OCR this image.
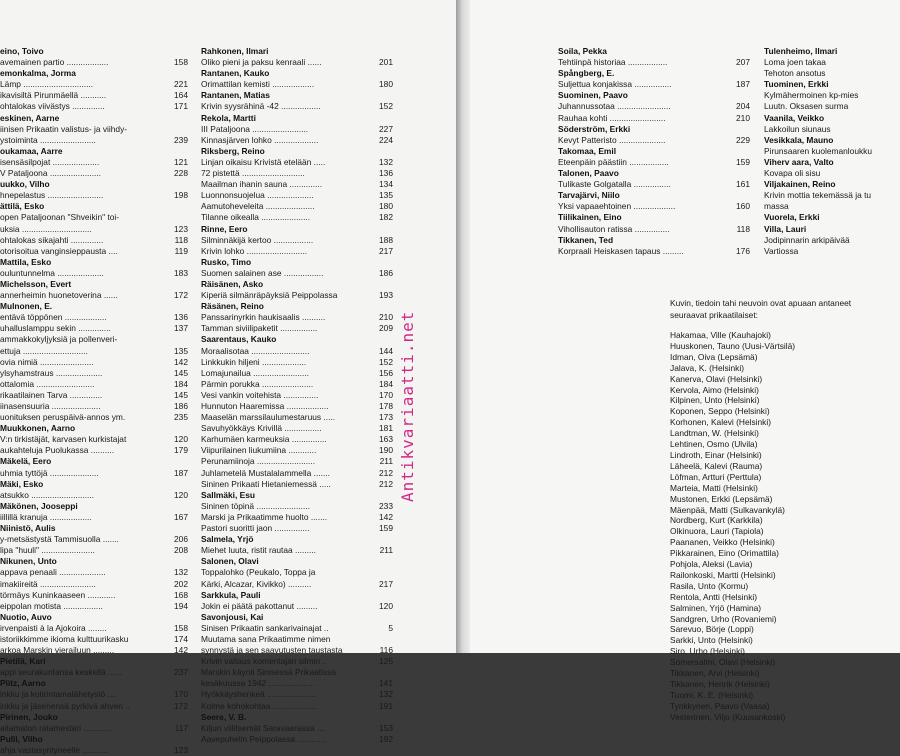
eino, Toivo
avemainen partio ..................	158
emonkalma, Jorma
Lämp ..............................	221
ikavisiltä Pirunmäellä ...........	164
ohtalokas viivästys ..............	171
eskinen, Aarne
iinisen Prikaatin valistus- ja viihdy-
ystoiminta ........................	239
oukamaa, Aarre
isensäsilpojat ....................	121
V Pataljoona ......................	228
uukko, Vilho
hnepelastus ........................	198
ättilä, Esko
open Pataljoonan "Shveikin" toi-
uksia ..............................	123
ohtalokas sikajahti ..............	118
otorisoitua vanginsieppausta ....	119
Mattila, Esko
ouluntunnelma ....................	183
Michelsson, Evert
annerheimin huonetoverina ......	172
Mulnonen, E.
entävä töppönen ..................	136
uhalluslamppu sekin ..............	137
ammakkokyljyksiä ja pollenveri-
ettuja ............................	135
ovia nimiä .......................	142
ylsyhamstraus ....................	145
ottalomia .........................	184
rikaatilainen Tarva ..............	145
iinasensuuria .....................	186
uonituksen peruspäivä-annos ym.	235
Muukkonen, Aarno
V:n tirkistäjät, karvasen kurkistajat	120
aukahteluja Puolukassa ..........	179
Mäkelä, Eero
uhmia tyttöjä .....................	187
Mäki, Esko
atsukko ...........................	120
Mäkönen, Jooseppi
iillillä kranuja ..................	167
Niinistö, Aulis
y-metsästystä Tammisuolla .......	206
lipa "huuli" .......................	208
Nikunen, Unto
appava penaali ....................	132
imakiireitä ........................	202
törmäys Kuninkaaseen ............	168
eippolan motista .................	194
Nuotio, Auvo
irvenpaisti à la Ajokoira ........	158
istoriikkimme ikioma kulttuurikasku	174
arkoa Marskin vierailuun .........	142
Pietilä, Kari
appi seurakuntansa keskellä ......	237
Piitz, Aarno
inkku ja kotirintamalähetystö ....	170
inkku ja jäsenensä pyrkivä ahven ..	172
Pirinen, Jouko
aitamaton ratamestari ............	117
Pulli, Vilho
ahja vastasyntyneelle ...........	123
Rahkonen, Ilmari
Oliko pieni ja paksu kenraali ......	201
Rantanen, Kauko
Orimattilan kemisti ..................	180
Rantanen, Matias
Krivin syysrähinä -42 .................	152
Rekola, Martti
III Pataljoona ........................	227
Kinnasjärven lohko ...................	224
Riksberg, Reino
Linjan oikaisu Krivistä etelään .....	132
72 pistettä ...........................	136
Maailman ihanin sauna ..............	134
Luonnonsuojelua ....................	135
Aamutoheveleita .....................	180
Tilanne oikealla .....................	182
Rinne, Eero
Silminnäkijä kertoo .................	188
Krivin lohko ..........................	217
Rusko, Timo
Suomen salainen ase .................	186
Räisänen, Asko
Kiperiä silmänräpäyksiä Peippolassa	193
Räsänen, Reino
Panssarinyrkin haukisaalis ..........	210
Tamman siviilipaketit ................	209
Saarentaus, Kauko
Moraalisotaa .........................	144
Linkkukin hiljeni ...................	152
Lomajunailua ........................	156
Pärmin porukka ......................	184
Vesi vankin voitehista ...............	170
Hunnuton Haaremissa ..................	178
Maaselän marssilaulumestaruus .....	173
Savuhyökkäys Krivillä ................	181
Karhumäen karmeuksia ...............	163
Viipurilainen liukumiina ............	190
Perunamiinoja .........................	211
Juhlametelä Mustalalammella .......	212
Sininen Prikaati Hietaniemessä .....	212
Sallmäki, Esu
Sininen töpinä .......................	233
Marski ja Prikaatimme huolto .......	142
Pastori suoritti jaon ...............	159
Salmela, Yrjö
Miehet luuta, ristit rautaa .........	211
Salonen, Olavi
Toppalohko (Peukalo, Toppa ja
Kärki, Alcazar, Kivikko) ..........	217
Sarkkula, Pauli
Jokin ei päätä pakottanut .........	120
Savonjousi, Kai
Sinisen Prikaatin sankarivainajat ..	5
Muutama sana Prikaatimme nimen
synnystä ja sen saavutusten taustasta	116
Krivin valtaus komentajan silmin ..	125
Marskin käynti Sinisessä Prikaatissa
kesäkuussa 1942 ....................	141
Hyökkäyshenkeä .....................	132
Kolme kohokohtaa ...................	191
Seere, V. B.
Kiljun viilitsemät Saravaarassa ....	153
Aavepuhelin Peippolassa ............	192
Antikvariaatti.net
Soila, Pekka
Tehtiinpä historiaa .................	207
Spångberg, E.
Suljettua konjakissa ................	187
Suominen, Paavo
Juhannussotaa .......................	204
Rauhaa kohti ........................	210
Söderström, Erkki
Kevyt Patteristo ....................	229
Takomaa, Emil
Eteenpäin päästiin .................	159
Talonen, Paavo
Tulikaste Golgatalla ................	161
Tarvajärvi, Niilo
Yksi vapaaehtoinen ..................	160
Tiilikainen, Eino
Vihollisauton ratissa ...............	118
Tikkanen, Ted
Korpraali Heiskasen tapaus .........	176
Tulenheimo, Ilmari
Loma joen takaa
Tehoton ansotus
Tuominen, Erkki
Kylmähermoinen kp-mies
Luutn. Oksasen surma
Vaanila, Veikko
Lakkoilun siunaus
Vesikkala, Mauno
Pirunsaaren kuolemanloukku
Viherv aara, Valto
Kovapa oli sisu
Viljakainen, Reino
Krivin mottia tekemässä ja tu
massa
Vuorela, Erkki
Villa, Lauri
Jodipinnarin arkipäivää
Vartiossa
Kuvin, tiedoin tahi neuvoin ovat apuaan antaneet seuraavat prikaatilaiset:
Hakamaa, Ville (Kauhajoki)
Huuskonen, Tauno (Uusi-Värtsilä)
Idman, Oiva (Lepsämä)
Jalava, K. (Helsinki)
Kanerva, Olavi (Helsinki)
Kervola, Aimo (Helsinki)
Kilpinen, Unto (Helsinki)
Koponen, Seppo (Helsinki)
Korhonen, Kalevi (Helsinki)
Landtman, W. (Helsinki)
Lehtinen, Osmo (Ulvila)
Lindroth, Einar (Helsinki)
Läheelä, Kalevi (Rauma)
Löfman, Artturi (Perttula)
Marteia, Matti (Helsinki)
Mustonen, Erkki (Lepsämä)
Mäenpää, Matti (Sulkavankylä)
Nordberg, Kurt (Karkkila)
Olkinuora, Lauri (Tapiola)
Paananen, Veikko (Helsinki)
Pikkarainen, Eino (Orimattila)
Pohjola, Aleksi (Lavia)
Railonkoski, Martti (Helsinki)
Rasila, Unto (Kormu)
Rentola, Antti (Helsinki)
Salminen, Yrjö (Hamina)
Sandgren, Urho (Rovaniemi)
Sarevuo, Börje (Loppi)
Sarkki, Unto (Helsinki)
Siro, Urho (Helsinki)
Somersalmi, Olavi (Helsinki)
Tikkanen, Arvi (Helsinki)
Tikkanen, Henrik (Helsinki)
Tuomi, K. E. (Helsinki)
Tynkkynen, Paavo (Vaasa)
Vesterinen, Viljo (Kuusankoski)
